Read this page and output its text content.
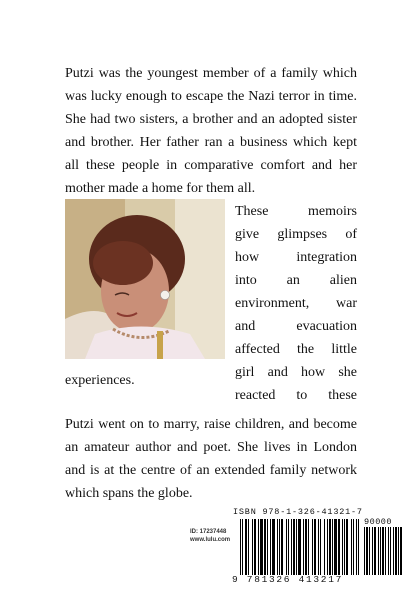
Putzi was the youngest member of a family which was lucky enough to escape the Nazi terror in time. She had two sisters, a brother and an adopted sister and brother. Her father ran a business which kept all these people in comparative comfort and her mother made a home for them all.

These	memoirs
give glimpses of
how	integration
into an alien
environment, war
and	evacuation
affected the little
girl and how she
reacted to these
experiences.

Putzi went on to marry, raise children, and become an amateur author and poet. She lives in London and is at the centre of an extended family network which spans the globe.

ISBN 978-1-326-41321-7
90000
ID: 17237448
www.lulu.com
9 781326 413217
